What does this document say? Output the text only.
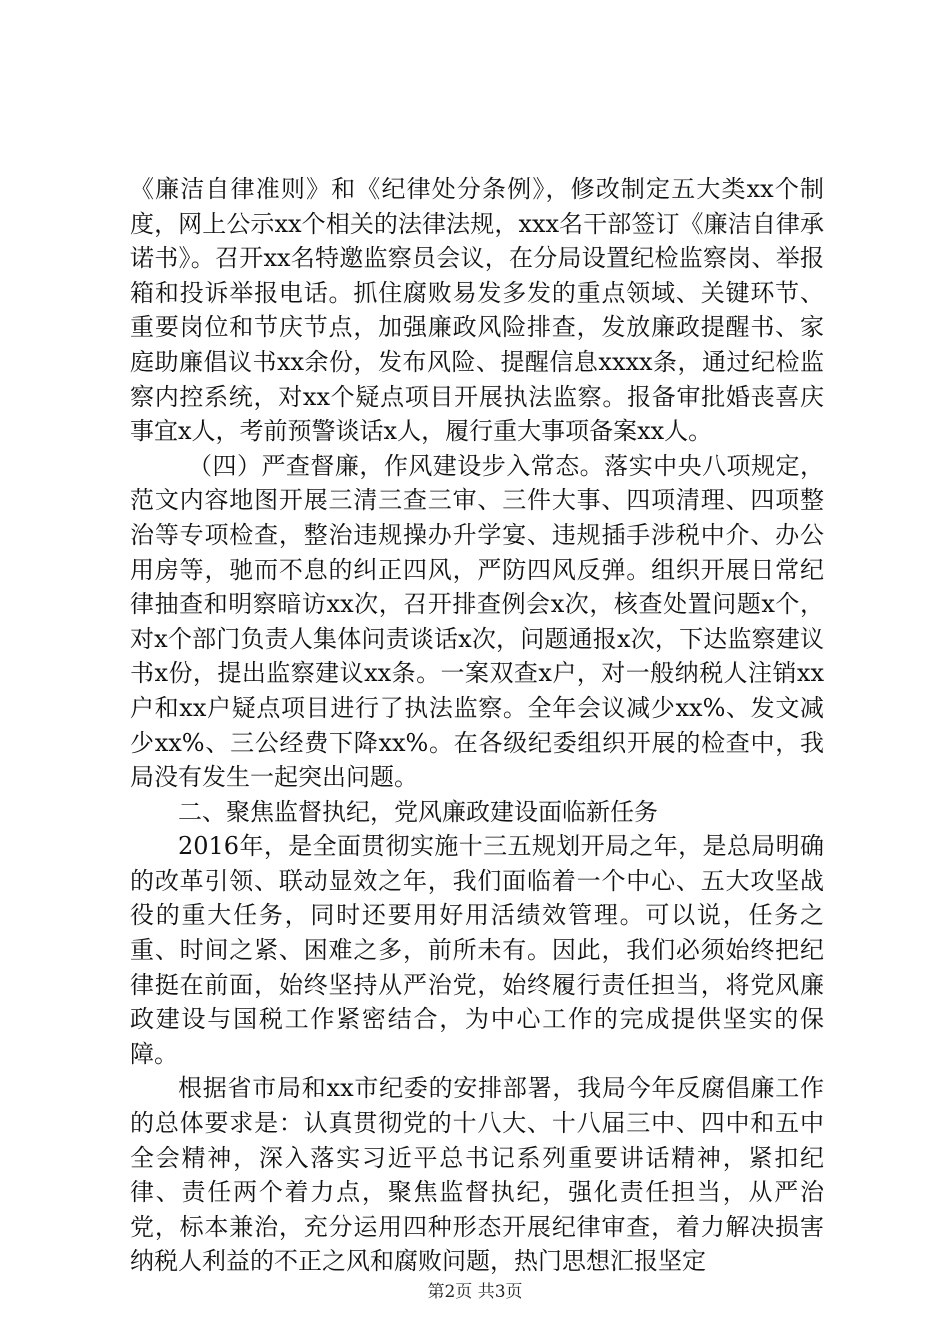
《廉洁自律准则》和《纪律处分条例》，修改制定五大类xx个制度，网上公示xx个相关的法律法规，xxx名干部签订《廉洁自律承诺书》。召开xx名特邀监察员会议，在分局设置纪检监察岗、举报箱和投诉举报电话。抓住腐败易发多发的重点领域、关键环节、重要岗位和节庆节点，加强廉政风险排查，发放廉政提醒书、家庭助廉倡议书xx余份，发布风险、提醒信息xxxx条，通过纪检监察内控系统，对xx个疑点项目开展执法监察。报备审批婚丧喜庆事宜x人，考前预警谈话x人，履行重大事项备案xx人。

（四）严查督廉，作风建设步入常态。落实中央八项规定，范文内容地图开展三清三查三审、三件大事、四项清理、四项整治等专项检查，整治违规操办升学宴、违规插手涉税中介、办公用房等，驰而不息的纠正四风，严防四风反弹。组织开展日常纪律抽查和明察暗访xx次，召开排查例会x次，核查处置问题x个，对x个部门负责人集体问责谈话x次，问题通报x次，下达监察建议书x份，提出监察建议xx条。一案双查x户，对一般纳税人注销xx户和xx户疑点项目进行了执法监察。全年会议减少xx%、发文减少xx%、三公经费下降xx%。在各级纪委组织开展的检查中，我局没有发生一起突出问题。

二、聚焦监督执纪，党风廉政建设面临新任务

2016年，是全面贯彻实施十三五规划开局之年，是总局明确的改革引领、联动显效之年，我们面临着一个中心、五大攻坚战役的重大任务，同时还要用好用活绩效管理。可以说，任务之重、时间之紧、困难之多，前所未有。因此，我们必须始终把纪律挺在前面，始终坚持从严治党，始终履行责任担当，将党风廉政建设与国税工作紧密结合，为中心工作的完成提供坚实的保障。

根据省市局和xx市纪委的安排部署，我局今年反腐倡廉工作的总体要求是：认真贯彻党的十八大、十八届三中、四中和五中全会精神，深入落实习近平总书记系列重要讲话精神，紧扣纪律、责任两个着力点，聚焦监督执纪，强化责任担当，从严治党，标本兼治，充分运用四种形态开展纪律审查，着力解决损害纳税人利益的不正之风和腐败问题，热门思想汇报坚定

第2页 共3页
